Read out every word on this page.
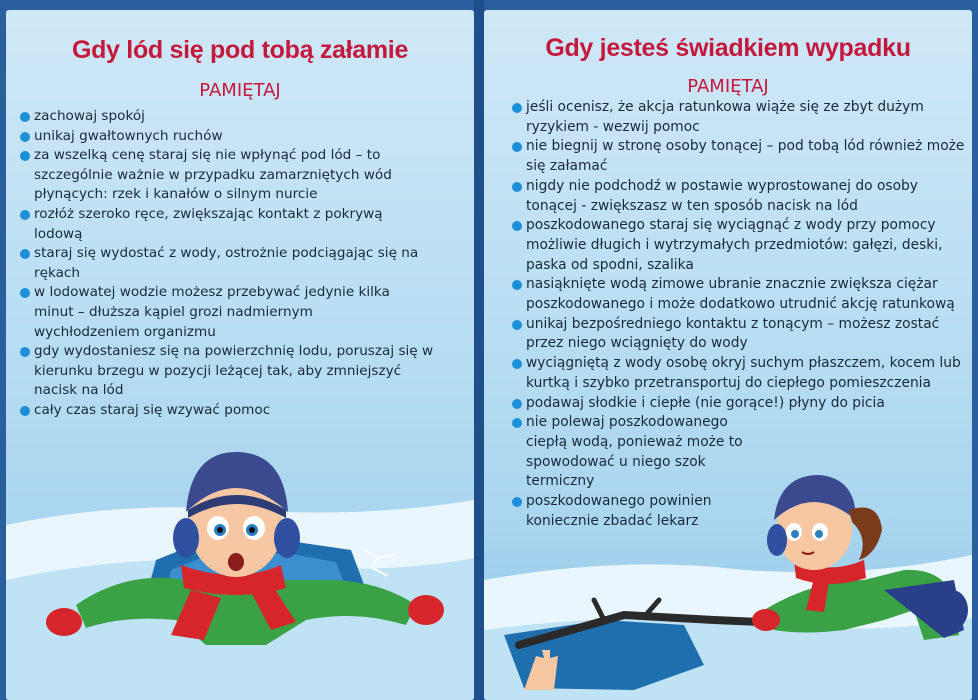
Gdy lód się pod tobą załamie
PAMIĘTAJ
zachowaj spokój
unikaj gwałtownych ruchów
za wszelką cenę staraj się nie wpłynąć pod lód – to szczególnie ważnie w przypadku zamarzniętych wód płynących: rzek i kanałów o silnym nurcie
rozłóż szeroko ręce, zwiększając kontakt z pokrywą lodową
staraj się wydostać z wody, ostrożnie podciągając się na rękach
w lodowatej wodzie możesz przebywać jedynie kilka minut – dłuższa kąpiel grozi nadmiernym wychłodzeniem organizmu
gdy wydostaniesz się na powierzchnię lodu, poruszaj się w kierunku brzegu w pozycji leżącej tak, aby zmniejszyć nacisk na lód
cały czas staraj się wzywać pomoc
Gdy jesteś świadkiem wypadku
PAMIĘTAJ
jeśli ocenisz, że akcja ratunkowa wiąże się ze zbyt dużym ryzykiem - wezwij pomoc
nie biegnij w stronę osoby tonącej – pod tobą lód również może się załamać
nigdy nie podchodź w postawie wyprostowanej do osoby tonącej - zwiększasz w ten sposób nacisk na lód
poszkodowanego staraj się wyciągnąć z wody przy pomocy możliwie długich i wytrzymałych przedmiotów: gałęzi, deski, paska od spodni, szalika
nasiąknięte wodą zimowe ubranie znacznie zwiększa ciężar poszkodowanego i może dodatkowo utrudnić akcję ratunkową
unikaj bezpośredniego kontaktu z tonącym – możesz zostać przez niego wciągnięty do wody
wyciągniętą z wody osobę okryj suchym płaszczem, kocem lub kurtką i szybko przetransportuj do ciepłego pomieszczenia
podawaj słodkie i ciepłe (nie gorące!) płyny do picia
nie polewaj poszkodowanego ciepłą wodą, ponieważ może to spowodować u niego szok termiczny
poszkodowanego powinien koniecznie zbadać lekarz
